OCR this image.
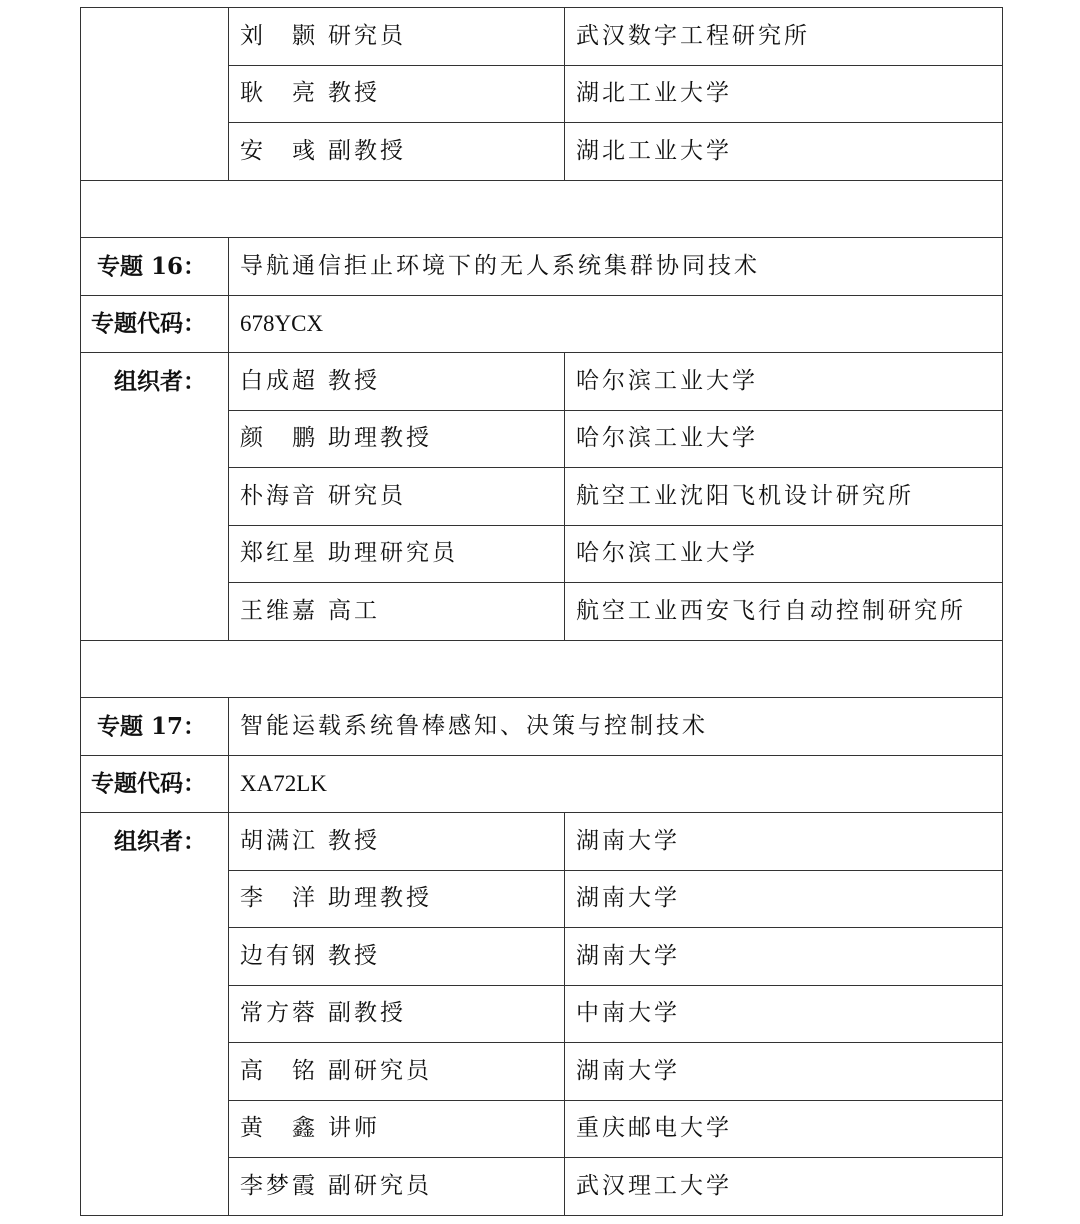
	刘　颢 研究员	武汉数字工程研究所
	耿　亮 教授	湖北工业大学
	安　彧 副教授	湖北工业大学

专题 16：	导航通信拒止环境下的无人系统集群协同技术	
专题代码：	678YCX	
组织者：	白成超 教授	哈尔滨工业大学
	颜　鹏 助理教授	哈尔滨工业大学
	朴海音 研究员	航空工业沈阳飞机设计研究所
	郑红星 助理研究员	哈尔滨工业大学
	王维嘉 高工	航空工业西安飞行自动控制研究所

专题 17：	智能运载系统鲁棒感知、决策与控制技术	
专题代码：	XA72LK	
组织者：	胡满江 教授	湖南大学
	李　洋 助理教授	湖南大学
	边有钢 教授	湖南大学
	常方蓉 副教授	中南大学
	高　铭 副研究员	湖南大学
	黄　鑫 讲师	重庆邮电大学
	李梦霞 副研究员	武汉理工大学
